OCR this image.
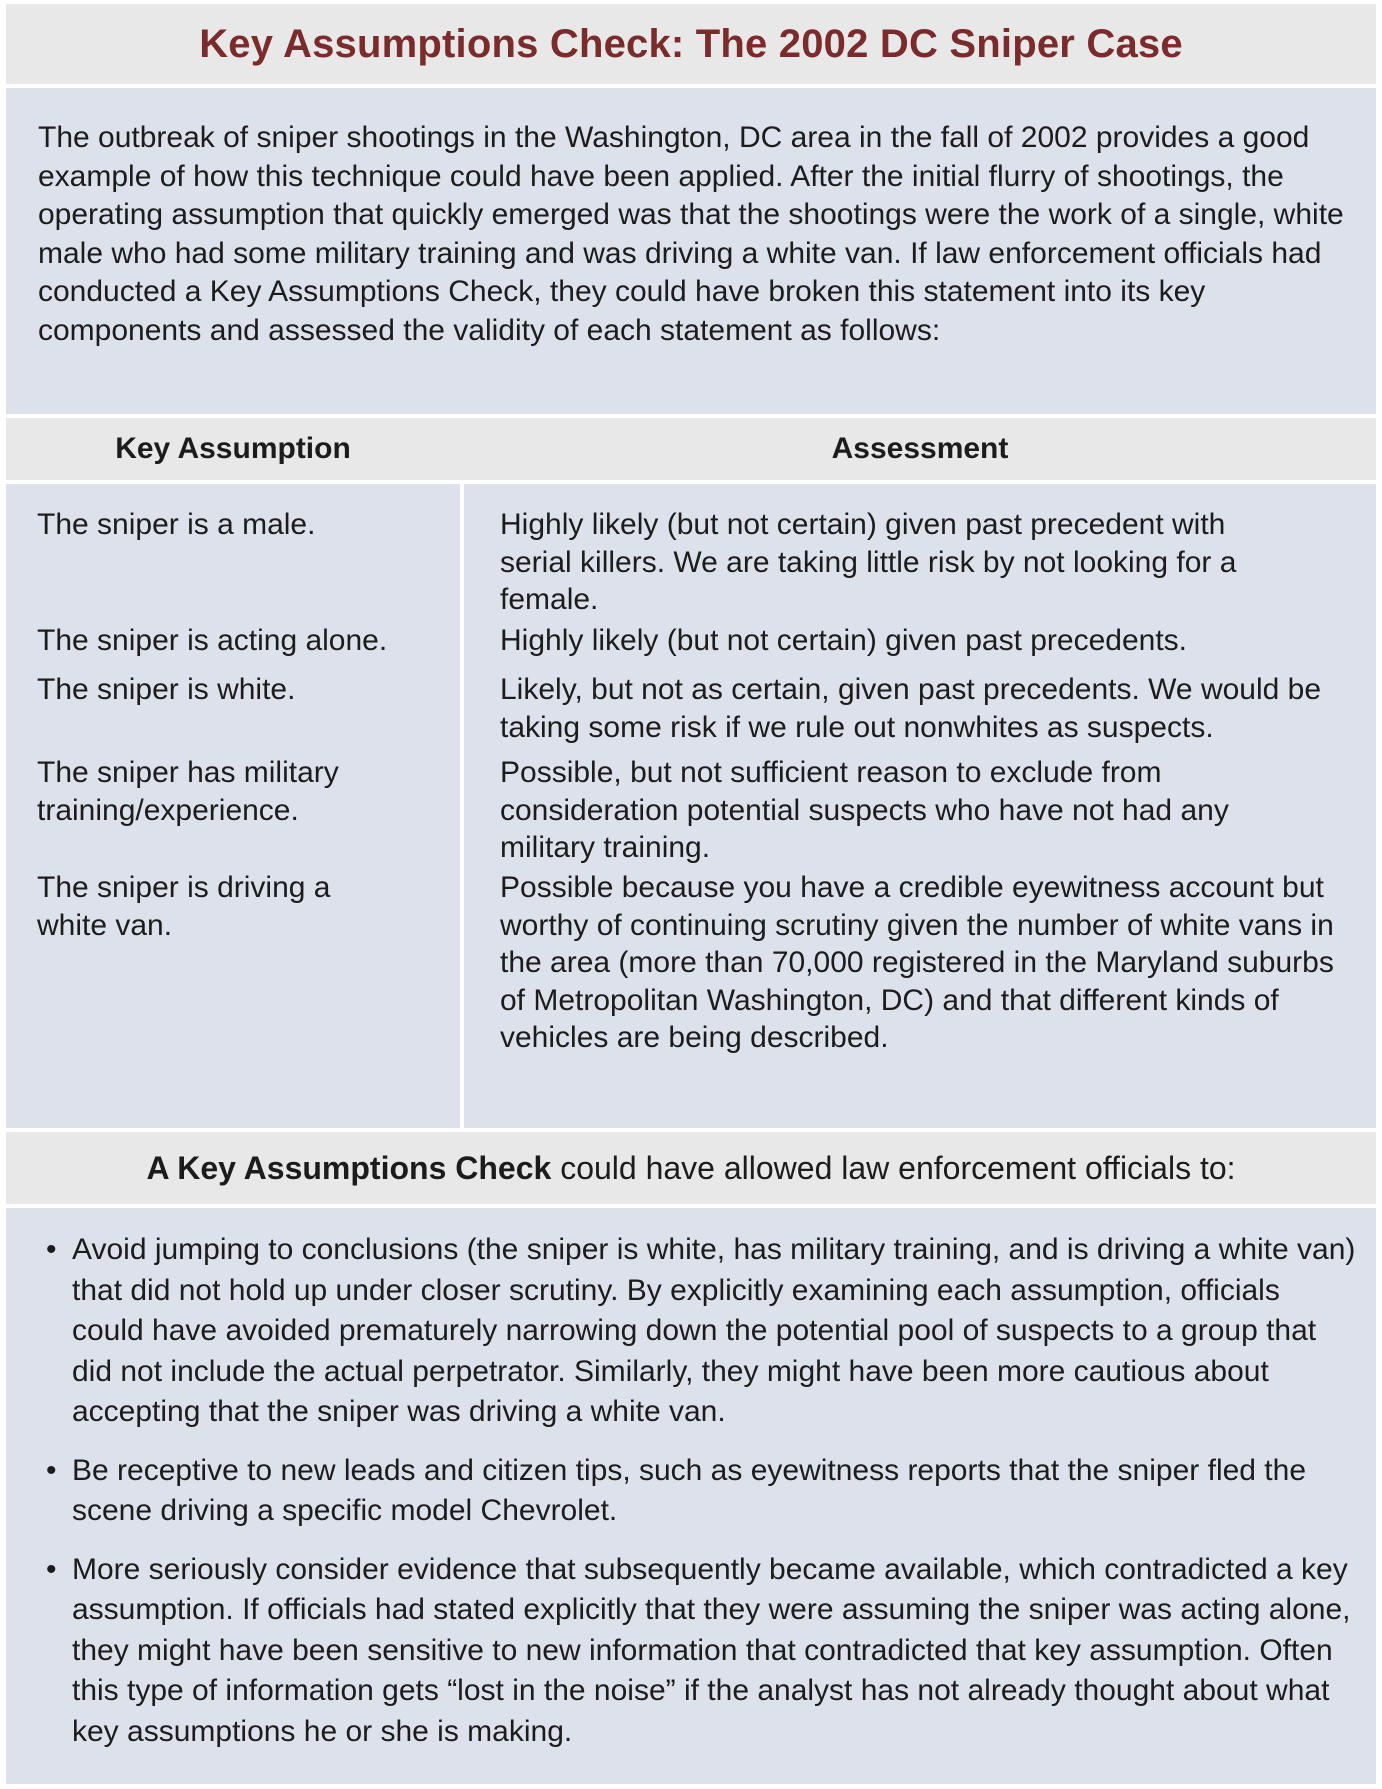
Key Assumptions Check: The 2002 DC Sniper Case

The outbreak of sniper shootings in the Washington, DC area in the fall of 2002 provides a good example of how this technique could have been applied. After the initial flurry of shootings, the operating assumption that quickly emerged was that the shootings were the work of a single, white male who had some military training and was driving a white van. If law enforcement officials had conducted a Key Assumptions Check, they could have broken this statement into its key components and assessed the validity of each statement as follows:

Key Assumption	Assessment

The sniper is a male.

The sniper is acting alone.

The sniper is white.

The sniper has military training/experience.

The sniper is driving a white van.

Highly likely (but not certain) given past precedent with serial killers. We are taking little risk by not looking for a female.

Highly likely (but not certain) given past precedents.

Likely, but not as certain, given past precedents. We would be taking some risk if we rule out nonwhites as suspects.

Possible, but not sufficient reason to exclude from consideration potential suspects who have not had any military training.

Possible because you have a credible eyewitness account but worthy of continuing scrutiny given the number of white vans in the area (more than 70,000 registered in the Maryland suburbs of Metropolitan Washington, DC) and that different kinds of vehicles are being described.

A Key Assumptions Check could have allowed law enforcement officials to:
• Avoid jumping to conclusions (the sniper is white, has military training, and is driving a white van) that did not hold up under closer scrutiny. By explicitly examining each assumption, officials could have avoided prematurely narrowing down the potential pool of suspects to a group that did not include the actual perpetrator. Similarly, they might have been more cautious about accepting that the sniper was driving a white van.
• Be receptive to new leads and citizen tips, such as eyewitness reports that the sniper fled the scene driving a specific model Chevrolet.
• More seriously consider evidence that subsequently became available, which contradicted a key assumption. If officials had stated explicitly that they were assuming the sniper was acting alone, they might have been sensitive to new information that contradicted that key assumption. Often this type of information gets “lost in the noise” if the analyst has not already thought about what key assumptions he or she is making.
